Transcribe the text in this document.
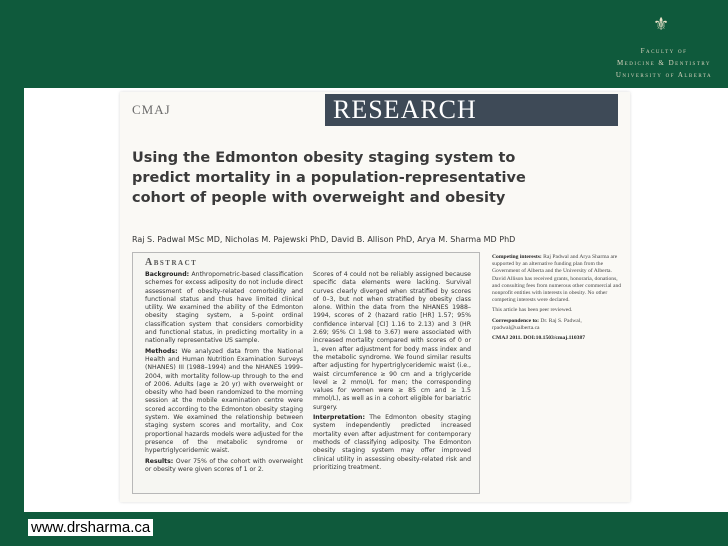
⚜
Faculty of
Medicine & Dentistry
University of Alberta
CMAJ	RESEARCH
Using the Edmonton obesity staging system to predict mortality in a population-representative cohort of people with overweight and obesity
Raj S. Padwal MSc MD, Nicholas M. Pajewski PhD, David B. Allison PhD, Arya M. Sharma MD PhD
Abstract

Background: Anthropometric-based classification schemes for excess adiposity do not include direct assessment of obesity-related comorbidity and functional status and thus have limited clinical utility. We examined the ability of the Edmonton obesity staging system, a 5-point ordinal classification system that considers comorbidity and functional status, in predicting mortality in a nationally representative US sample.

Methods: We analyzed data from the National Health and Human Nutrition Examination Surveys (NHANES) III (1988–1994) and the NHANES 1999–2004, with mortality follow-up through to the end of 2006. Adults (age ≥ 20 yr) with overweight or obesity who had been randomized to the morning session at the mobile examination centre were scored according to the Edmonton obesity staging system. We examined the relationship between staging system scores and mortality, and Cox proportional hazards models were adjusted for the presence of the metabolic syndrome or hypertriglyceridemic waist.

Results: Over 75% of the cohort with overweight or obesity were given scores of 1 or 2.

Scores of 4 could not be reliably assigned because specific data elements were lacking. Survival curves clearly diverged when stratified by scores of 0–3, but not when stratified by obesity class alone. Within the data from the NHANES 1988–1994, scores of 2 (hazard ratio [HR] 1.57; 95% confidence interval [CI] 1.16 to 2.13) and 3 (HR 2.69; 95% CI 1.98 to 3.67) were associated with increased mortality compared with scores of 0 or 1, even after adjustment for body mass index and the metabolic syndrome. We found similar results after adjusting for hypertriglyceridemic waist (i.e., waist circumference ≥ 90 cm and a triglyceride level ≥ 2 mmol/L for men; the corresponding values for women were ≥ 85 cm and ≥ 1.5 mmol/L), as well as in a cohort eligible for bariatric surgery.

Interpretation: The Edmonton obesity staging system independently predicted increased mortality even after adjustment for contemporary methods of classifying adiposity. The Edmonton obesity staging system may offer improved clinical utility in assessing obesity-related risk and prioritizing treatment.

Competing interests: Raj Padwal and Arya Sharma are supported by an alternative funding plan from the Government of Alberta and the University of Alberta. David Allison has received grants, honoraria, donations, and consulting fees from numerous other commercial and nonprofit entities with interests in obesity. No other competing interests were declared.

This article has been peer reviewed.

Correspondence to: Dr. Raj S. Padwal, rpadwal@ualberta.ca

CMAJ 2011. DOI:10.1503/cmaj.110387

www.drsharma.ca
